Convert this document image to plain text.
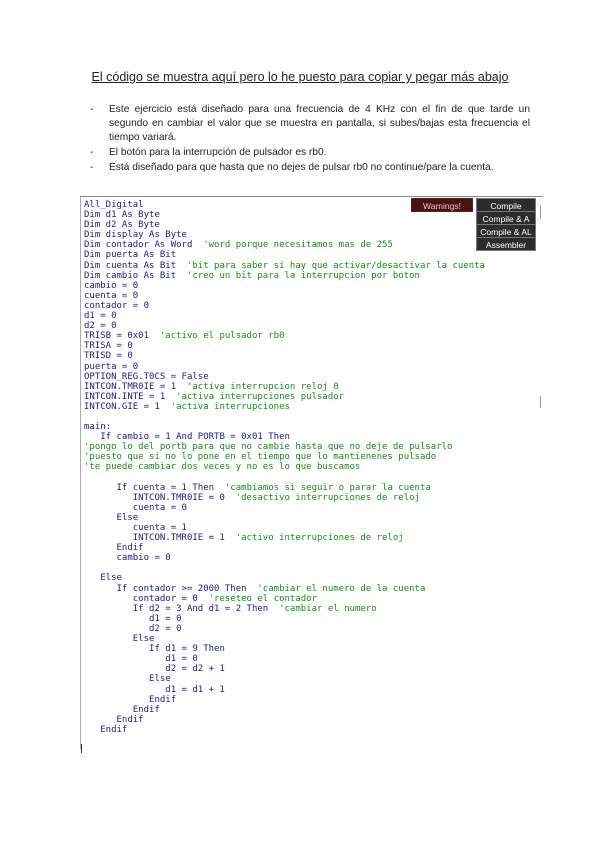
El código se muestra aquí pero lo he puesto para copiar y pegar más abajo
- Este ejercicio está diseñado para una frecuencia de 4 KHz con el fin de que tarde un segundo en cambiar el valor que se muestra en pantalla, si subes/bajas esta frecuencia el tiempo variará.
- El botón para la interrupción de pulsador es rb0.
- Está diseñado para que hasta que no dejes de pulsar rb0 no continue/pare la cuenta.
All_Digital
Dim d1 As Byte
Dim d2 As Byte
Dim display As Byte
Dim contador As Word  'word porque necesitamos mas de 255
Dim puerta As Bit
Dim cuenta As Bit  'bit para saber si hay que activar/desactivar la cuenta
Dim cambio As Bit  'creo un bit para la interrupcion por boton
cambio = 0
cuenta = 0
contador = 0
d1 = 0
d2 = 0
TRISB = 0x01  'activo el pulsador rb0
TRISA = 0
TRISD = 0
puerta = 0
OPTION_REG.T0CS = False
INTCON.TMR0IE = 1  'activa interrupcion reloj 0
INTCON.INTE = 1  'activa interrupciones pulsador
INTCON.GIE = 1  'activa interrupciones
main:
If cambio = 1 And PORTB = 0x01 Then
'pongo lo del portb para que no cambie hasta que no deje de pulsarlo
'puesto que si no lo pone en el tiempo que lo mantienenes pulsado
'te puede cambiar dos veces y no es lo que buscamos
If cuenta = 1 Then  'cambiamos si seguir o parar la cuenta
INTCON.TMR0IE = 0  'desactivo interrupciones de reloj
cuenta = 0
Else
cuenta = 1
INTCON.TMR0IE = 1  'activo interrupciones de reloj
Endif
cambio = 0
Else
If contador >= 2000 Then  'cambiar el numero de la cuenta
contador = 0  'reseteo el contador
If d2 = 3 And d1 = 2 Then  'cambiar el numero
d1 = 0
d2 = 0
Else
If d1 = 9 Then
d1 = 0
d2 = d2 + 1
Else
d1 = d1 + 1
Endif
Endif
Endif
Endif
Warnings!	Compile
Compile & A
Compile & AL
Assembler
